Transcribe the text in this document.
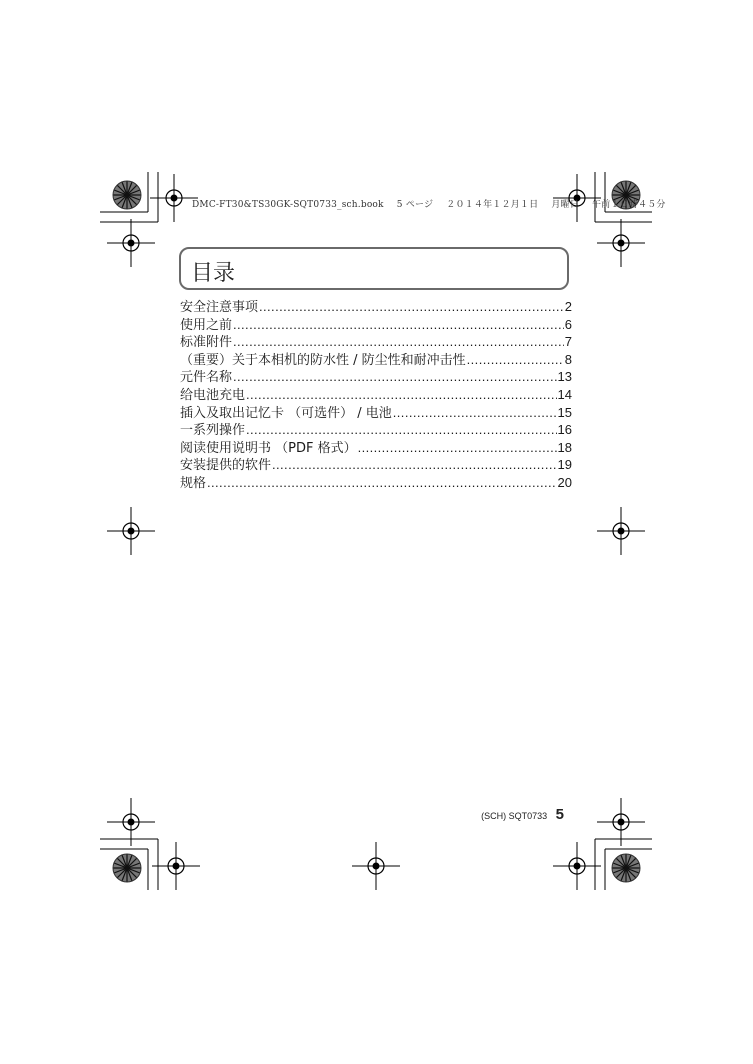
DMC-FT30&TS30GK-SQT0733_sch.book 5 ページ ２０１４年１２月１日 月曜日 午前１０時４５分
目录
安全注意事项 .....	2
使用之前 .....	6
标准附件 .....	7
（重要）关于本相机的防水性 / 防尘性和耐冲击性 .....	8
元件名称 .....	13
给电池充电 .....	14
插入及取出记忆卡 （可选件） / 电池 .....	15
一系列操作 .....	16
阅读使用说明书 （PDF 格式） .....	18
安装提供的软件 .....	19
规格 .....	20
(SCH) SQT0733 5
